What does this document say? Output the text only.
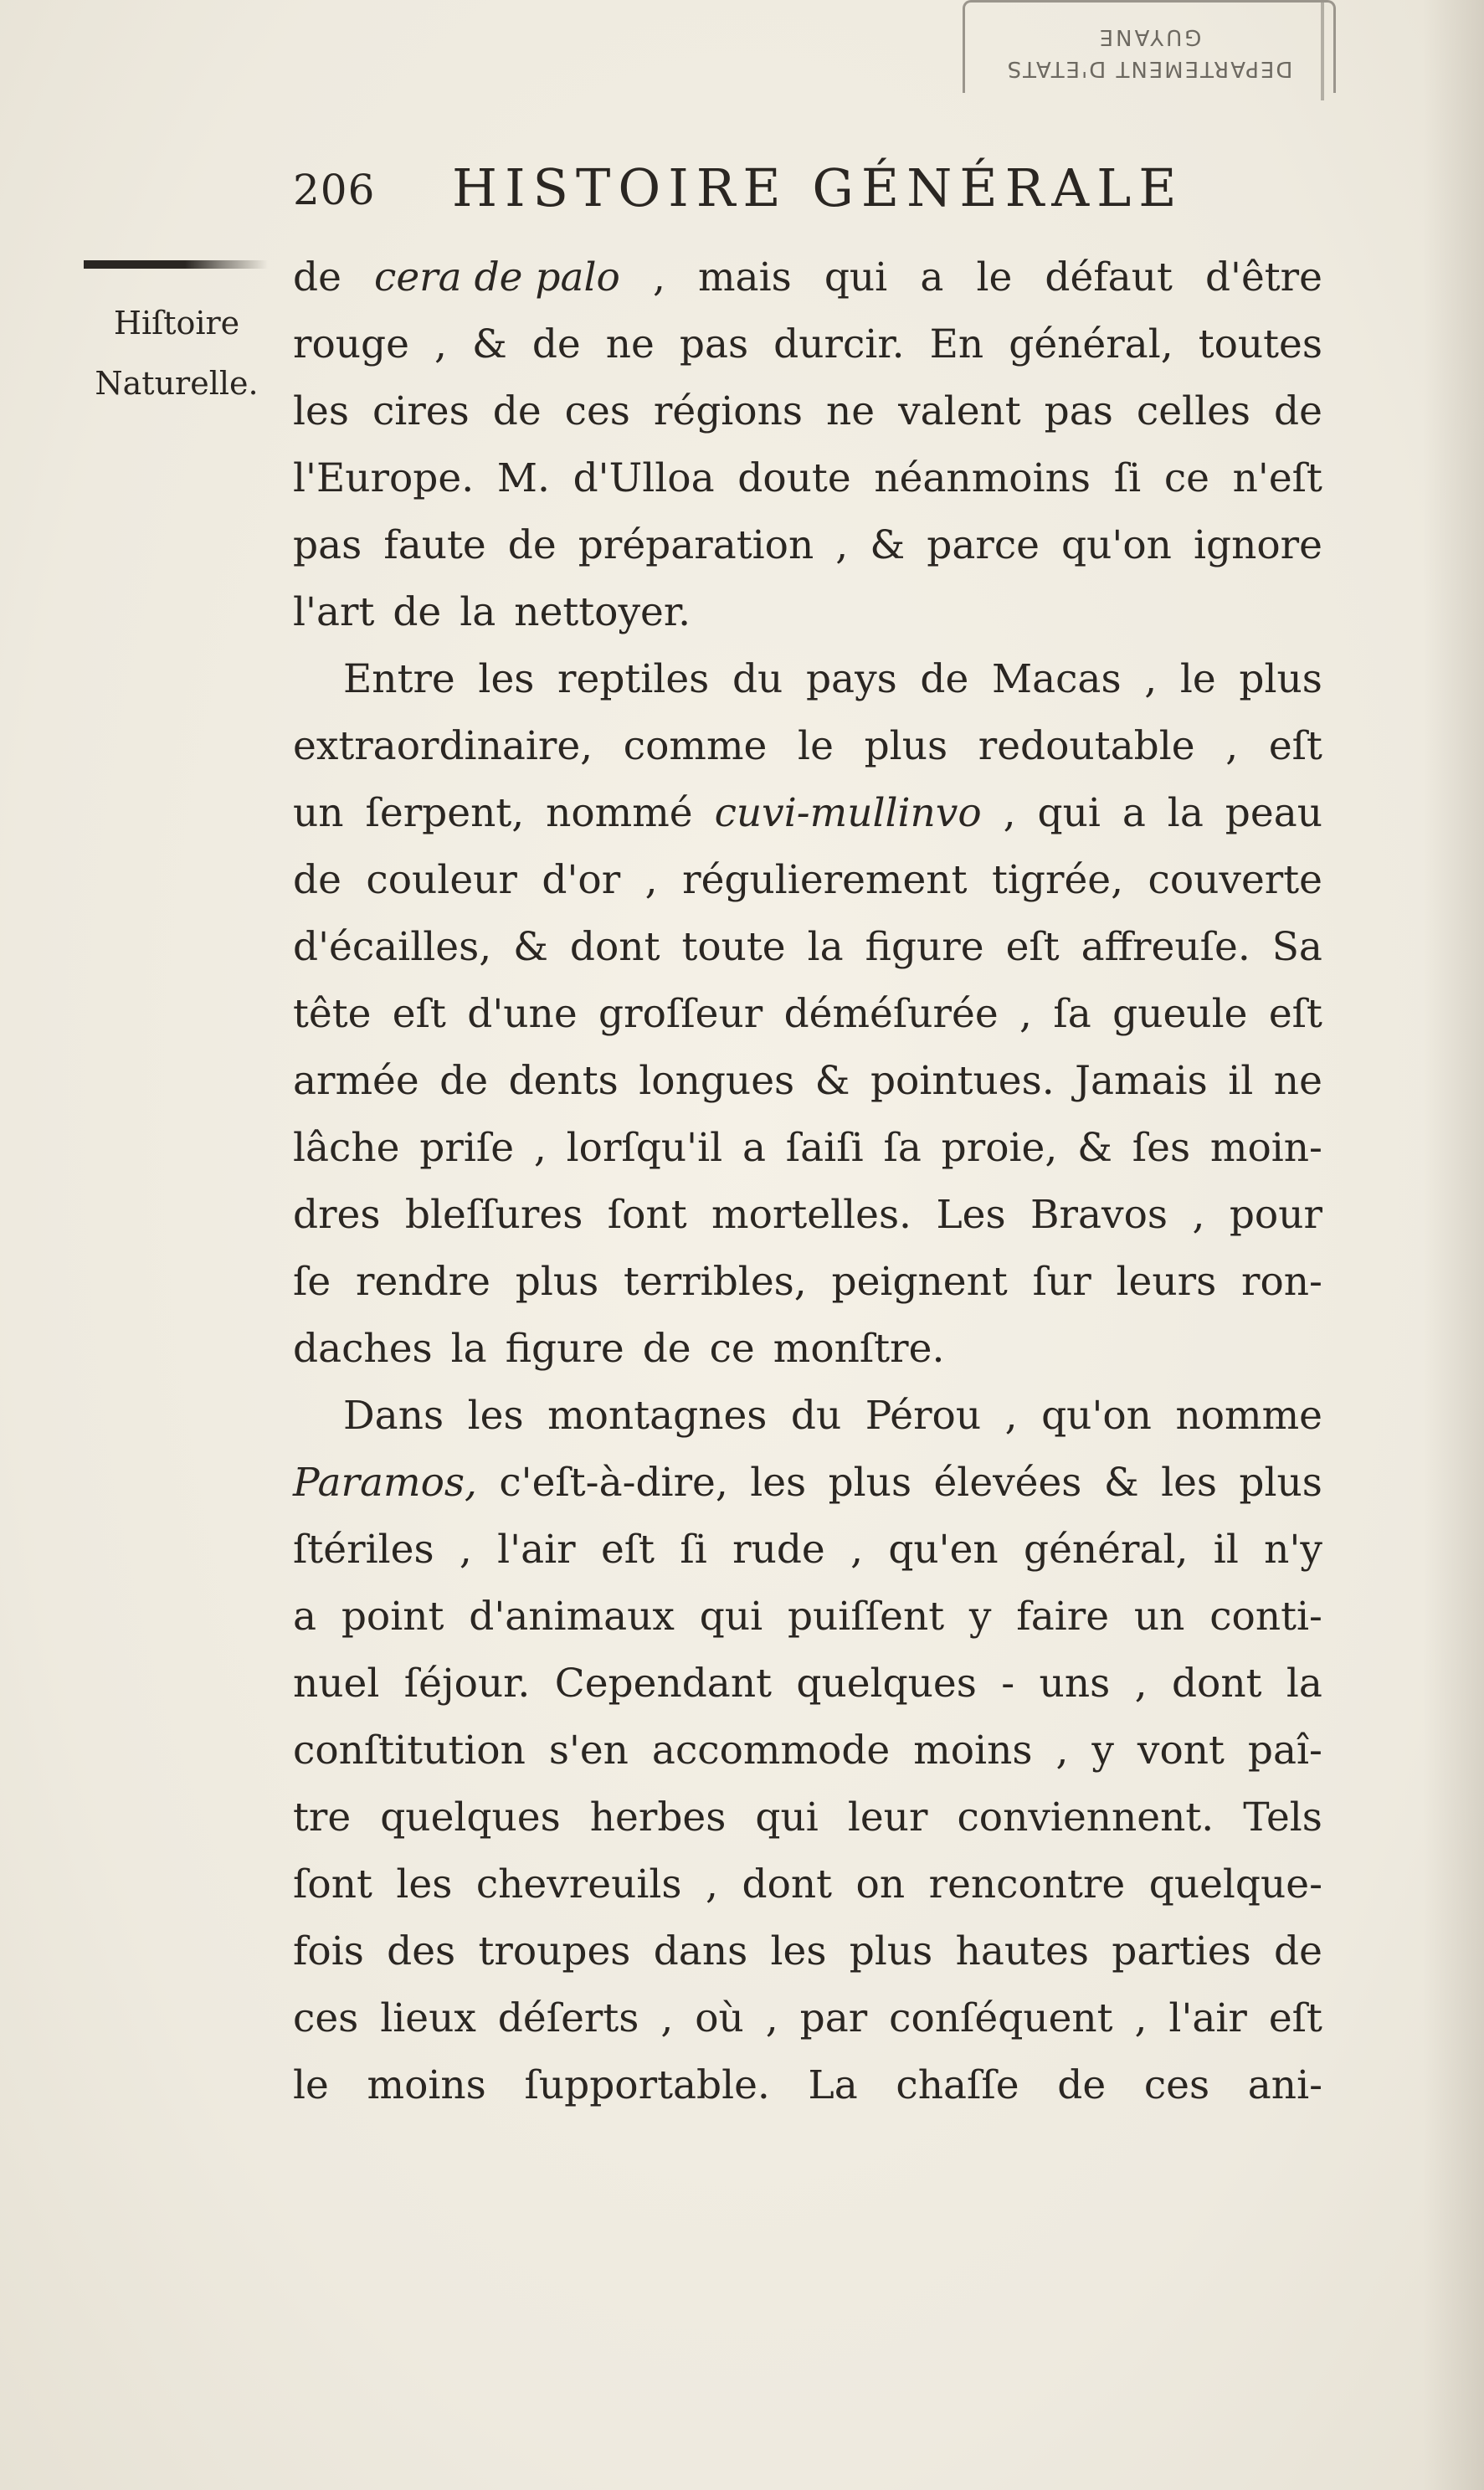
DEPARTEMENT D'ETATS
GUYANE
206 HISTOIRE GÉNÉRALE
Hiſtoire
Naturelle.
de cera de palo , mais qui a le défaut d'être
rouge , & de ne pas durcir. En général, toutes
les cires de ces régions ne valent pas celles de
l'Europe. M. d'Ulloa doute néanmoins ſi ce n'eſt
pas faute de préparation , & parce qu'on ignore
l'art de la nettoyer.
Entre les reptiles du pays de Macas , le plus
extraordinaire, comme le plus redoutable , eſt
un ſerpent, nommé cuvi-mullinvo , qui a la peau
de couleur d'or , régulierement tigrée, couverte
d'écailles, & dont toute la figure eſt affreuſe. Sa
tête eſt d'une groſſeur déméſurée , ſa gueule eſt
armée de dents longues & pointues. Jamais il ne
lâche priſe , lorſqu'il a ſaiſi ſa proie, & ſes moin-
dres bleſſures ſont mortelles. Les Bravos , pour
ſe rendre plus terribles, peignent ſur leurs ron-
daches la figure de ce monſtre.
Dans les montagnes du Pérou , qu'on nomme
Paramos, c'eſt-à-dire, les plus élevées & les plus
ſtériles , l'air eſt ſi rude , qu'en général, il n'y
a point d'animaux qui puiſſent y faire un conti-
nuel ſéjour. Cependant quelques - uns , dont la
conſtitution s'en accommode moins , y vont paî-
tre quelques herbes qui leur conviennent. Tels
ſont les chevreuils , dont on rencontre quelque-
fois des troupes dans les plus hautes parties de
ces lieux déſerts , où , par conſéquent , l'air eſt
le moins ſupportable. La chaſſe de ces ani-
